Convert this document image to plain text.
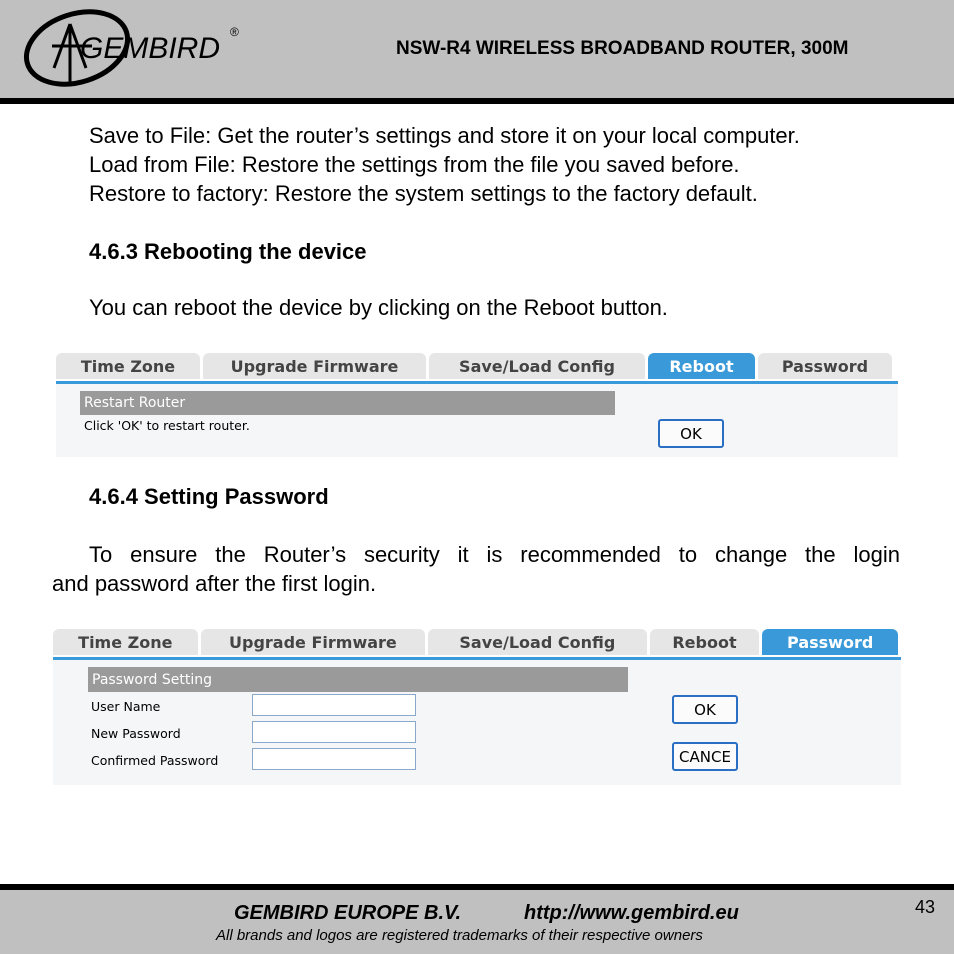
GEMBIRD ®
NSW-R4 WIRELESS BROADBAND ROUTER, 300M
Save to File: Get the router’s settings and store it on your local computer.
Load from File: Restore the settings from the file you saved before.
Restore to factory: Restore the system settings to the factory default.
4.6.3 Rebooting the device
You can reboot the device by clicking on the Reboot button.
Time Zone	Upgrade Firmware	Save/Load Config	Reboot	Password
Restart Router
Click 'OK' to restart router.	OK
4.6.4 Setting Password
To ensure the Router’s security it is recommended to change the login
and password after the first login.
Time Zone	Upgrade Firmware	Save/Load Config	Reboot	Password
Password Setting
User Name
New Password
Confirmed Password
OK
CANCE
GEMBIRD EUROPE B.V.	http://www.gembird.eu
All brands and logos are registered trademarks of their respective owners
43
